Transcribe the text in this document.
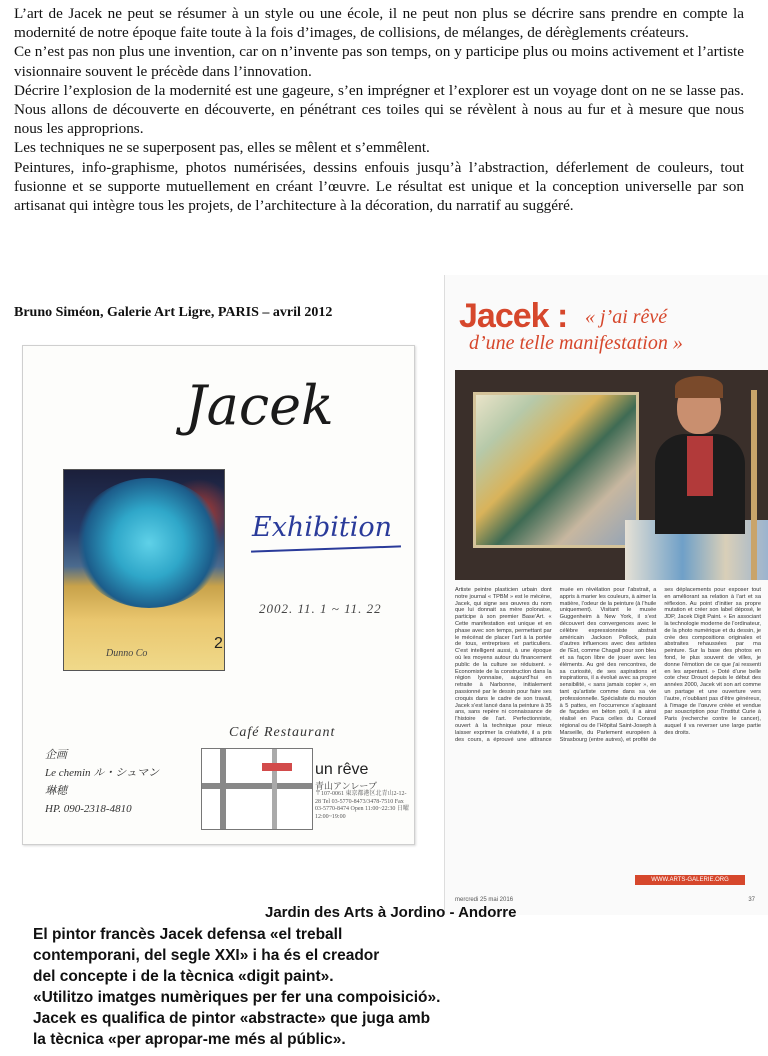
L’art de Jacek ne peut se résumer à un style ou une école, il ne peut non plus se décrire sans prendre en compte la modernité de notre époque faite toute à la fois d’images, de collisions, de mélanges, de dérèglements créateurs.

Ce n’est pas non plus une invention, car on n’invente pas son temps, on y participe plus ou moins activement et l’artiste visionnaire souvent le précède dans l’innovation.

Décrire l’explosion de la modernité est une gageure, s’en imprégner et l’explorer est un voyage dont on ne se lasse pas. Nous allons de découverte en découverte, en pénétrant ces toiles qui se révèlent à nous au fur et à mesure que nous nous les approprions.

Les techniques ne se superposent pas, elles se mêlent et s’emmêlent.

Peintures, info-graphisme, photos numérisées, dessins enfouis jusqu’à l’abstraction, déferlement de couleurs, tout fusionne et se supporte mutuellement en créant l’œuvre. Le résultat est unique et la conception universelle par son artisanat qui intègre tous les projets, de l’architecture à la décoration, du narratif au suggéré.

Bruno Siméon, Galerie Art Ligre, PARIS – avril 2012
Jacek
Dunno Co
2
Exhibition
2002. 11. 1 ~ 11. 22
Café Restaurant
企画
Le chemin ル・シュマン
琳穂
HP. 090-2318-4810
un rêve
青山アンレーブ
〒107-0061 東京都港区北青山2-12-28 Tel 03-5770-8473/3478-7510 Fax 03-5770-8474 Open 11:00~22:30 日曜 12:00~19:00
Jacek : « j’ai rêvé
d’une telle manifestation »
Artiste peintre plasticien urbain dont notre journal « TPBM » est le mécène, Jacek, qui signe ses œuvres du nom que lui donnait sa mère polonaise, participe à son premier Base’Art. « Cette manifestation est unique et en phase avec son temps, permettant par le mécénat de placer l’art à la portée de tous, entreprises et particuliers. C’est intelligent aussi, à une époque où les moyens autour du financement public de la culture se réduisent. » Economiste de la construction dans la région lyonnaise, aujourd’hui en retraite à Narbonne, initialement passionné par le dessin pour faire ses croquis dans le cadre de son travail, Jacek s’est lancé dans la peinture à 35 ans, sans repère ni connaissance de l’histoire de l’art. Perfectionniste, ouvert à la technique pour mieux laisser exprimer la créativité, il a pris des cours, a éprouvé une attirance muée en révélation pour l’abstrait, a appris à marier les couleurs, à aimer la matière, l’odeur de la peinture (à l’huile uniquement). Visitant le musée Guggenheim à New York, il s’est découvert des convergences avec le célèbre expressionniste abstrait américain Jackson Pollock, puis d’autres influences avec des artistes de l’Est, comme Chagall pour son bleu et sa façon libre de jouer avec les éléments. Au gré des rencontres, de sa curiosité, de ses aspirations et inspirations, il a évolué avec sa propre sensibilité, « sans jamais copier », en tant qu’artiste comme dans sa vie professionnelle. Spécialiste du mouton à 5 pattes, en l’occurrence s’agissant de façades en béton poli, il a ainsi réalisé en Paca celles du Conseil régional ou de l’Hôpital Saint-Joseph à Marseille, du Parlement européen à Strasbourg (entre autres), et profité de ses déplacements pour exposer tout en améliorant sa relation à l’art et sa réflexion. Au point d’initier sa propre mutation et créer son label déposé, le JDP, Jacek Digit Paint. « En associant la technologie moderne de l’ordinateur, de la photo numérique et du dessin, je crée des compositions originales et abstraites rehaussées par ma peinture. Sur la base des photos en fond, le plus souvent de villes, je donne l’émotion de ce que j’ai ressenti en les arpentant. » Doté d’une belle cote chez Drouot depuis le début des années 2000, Jacek vit son art comme un partage et une ouverture vers l’autre, n’oubliant pas d’être généreux, à l’image de l’œuvre créée et vendue par souscription pour l’Institut Curie à Paris (recherche contre le cancer), auquel il va reverser une large partie des droits.
WWW.ARTS-GALERIE.ORG
mercredi 25 mai 2016	37
Jardin des Arts à Jordino - Andorre
El pintor francès Jacek defensa «el treball
contemporani, del segle XXI» i ha és el creador
del concepte i de la tècnica «digit paint».
«Utilitzo imatges numèriques per fer una compoisició».
Jacek es qualifica de pintor «abstracte» que juga amb
la tècnica «per apropar-me més al públic».
